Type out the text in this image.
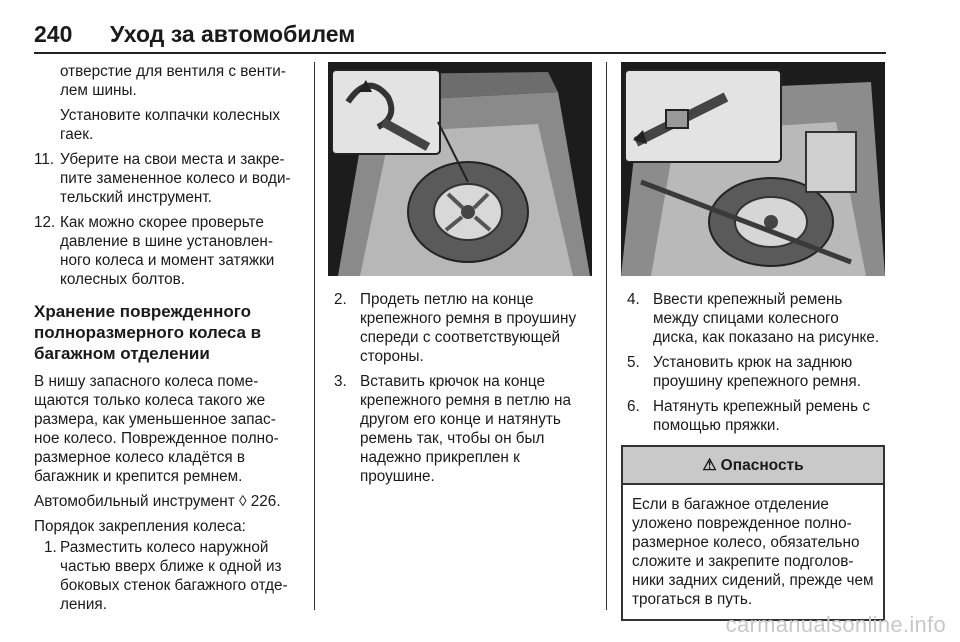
240	Уход за автомобилем
отверстие для вентиля с венти-
лем шины.
Установите колпачки колесных гаек.
11. Уберите на свои места и закре- пите замененное колесо и води- тельский инструмент.
12. Как можно скорее проверьте давление в шине установлен- ного колеса и момент затяжки колесных болтов.
Хранение поврежденного полноразмерного колеса в багажном отделении
В нишу запасного колеса поме- щаются только колеса такого же размера, как уменьшенное запас- ное колесо. Поврежденное полно- размерное колесо кладётся в багажник и крепится ремнем.
Автомобильный инструмент ◊ 226.
Порядок закрепления колеса:
1. Разместить колесо наружной частью вверх ближе к одной из боковых стенок багажного отде- ления.
2. Продеть петлю на конце крепежного ремня в проушину спереди с соответствующей стороны.
3. Вставить крючок на конце крепежного ремня в петлю на другом его конце и натянуть ремень так, чтобы он был надежно прикреплен к проушине.
4. Ввести крепежный ремень между спицами колесного диска, как показано на рисунке.
5. Установить крюк на заднюю проушину крепежного ремня.
6. Натянуть крепежный ремень с помощью пряжки.
⚠ Опасность
Если в багажное отделение уложено поврежденное полно- размерное колесо, обязательно сложите и закрепите подголов- ники задних сидений, прежде чем трогаться в путь.
carmanualsonline.info
